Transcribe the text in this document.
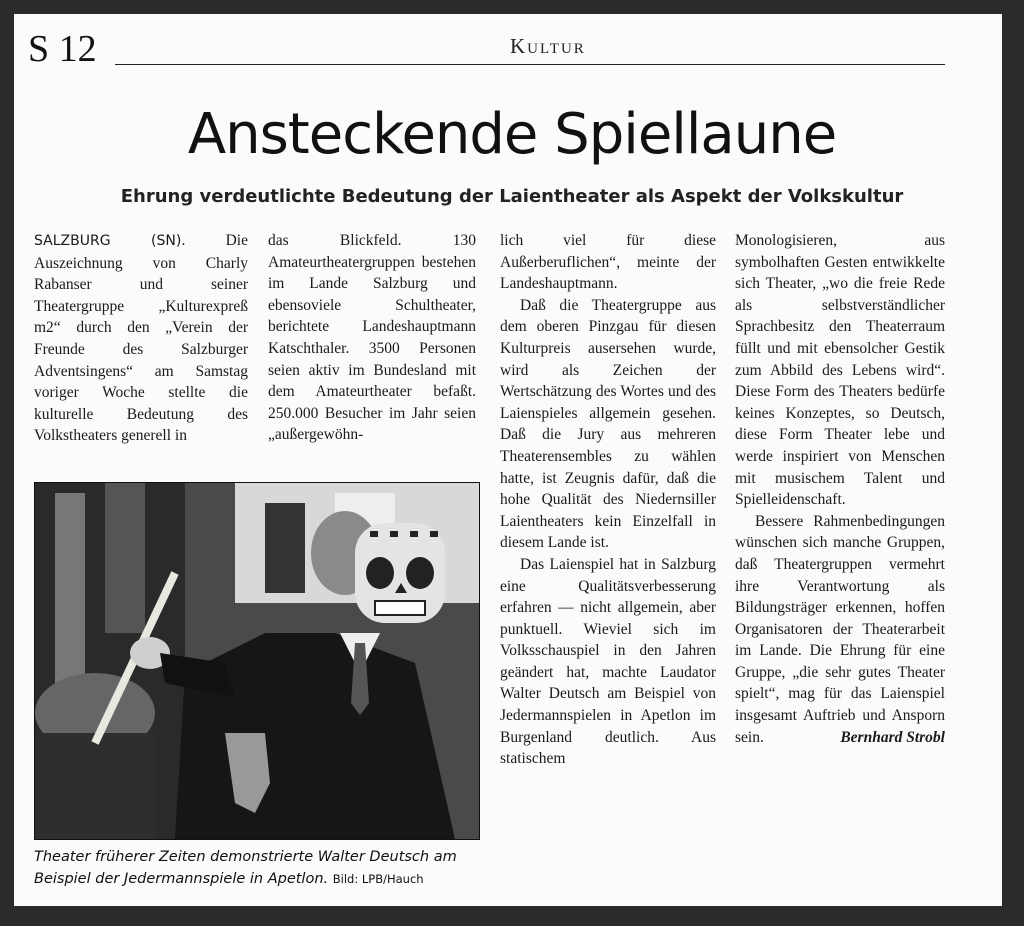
S 12	Kultur
Ansteckende Spiellaune
Ehrung verdeutlichte Bedeutung der Laientheater als Aspekt der Volkskultur

SALZBURG (SN).	Die Auszeichnung von Charly Rabanser und seiner Theatergruppe „Kulturexpreß m2“ durch den „Verein der Freunde des Salzburger Adventsingens“ am Samstag voriger Woche stellte die kulturelle Bedeutung des Volkstheaters generell in

das Blickfeld. 130 Amateurtheatergruppen bestehen im Lande Salzburg und ebensoviele Schultheater, berichtete Landeshauptmann Katschthaler. 3500 Personen seien aktiv im Bundesland mit dem Amateurtheater befaßt. 250.000 Besucher im Jahr seien „außergewöhn-

lich viel für diese Außerberuflichen“, meinte der Landeshauptmann.

Daß die Theatergruppe aus dem oberen Pinzgau für diesen Kulturpreis ausersehen wurde, wird als Zeichen der Wertschätzung des Wortes und des Laienspieles allgemein gesehen. Daß die Jury aus mehreren Theaterensembles zu wählen hatte, ist Zeugnis dafür, daß die hohe Qualität des Niedernsiller Laientheaters kein Einzelfall in diesem Lande ist.

Das Laienspiel hat in Salzburg eine Qualitätsverbesserung erfahren — nicht allgemein, aber punktuell. Wieviel sich im Volksschauspiel in den Jahren geändert hat, machte Laudator Walter Deutsch am Beispiel von Jedermannspielen in Apetlon im Burgenland deutlich. Aus statischem

Monologisieren, aus symbolhaften Gesten entwikkelte sich Theater, „wo die freie Rede als selbstverständlicher Sprachbesitz den Theaterraum füllt und mit ebensolcher Gestik zum Abbild des Lebens wird“. Diese Form des Theaters bedürfe keines Konzeptes, so Deutsch, diese Form Theater lebe und werde inspiriert von Menschen mit musischem Talent und Spielleidenschaft.

Bessere Rahmenbedingungen wünschen sich manche Gruppen, daß Theatergruppen vermehrt ihre Verantwortung als Bildungsträger erkennen, hoffen Organisatoren der Theaterarbeit im Lande. Die Ehrung für eine Gruppe, „die sehr gutes Theater spielt“, mag für das Laienspiel insgesamt Auftrieb und Ansporn sein.	Bernhard Strobl

Theater früherer Zeiten demonstrierte Walter Deutsch am Beispiel der Jedermannspiele in Apetlon. Bild: LPB/Hauch
